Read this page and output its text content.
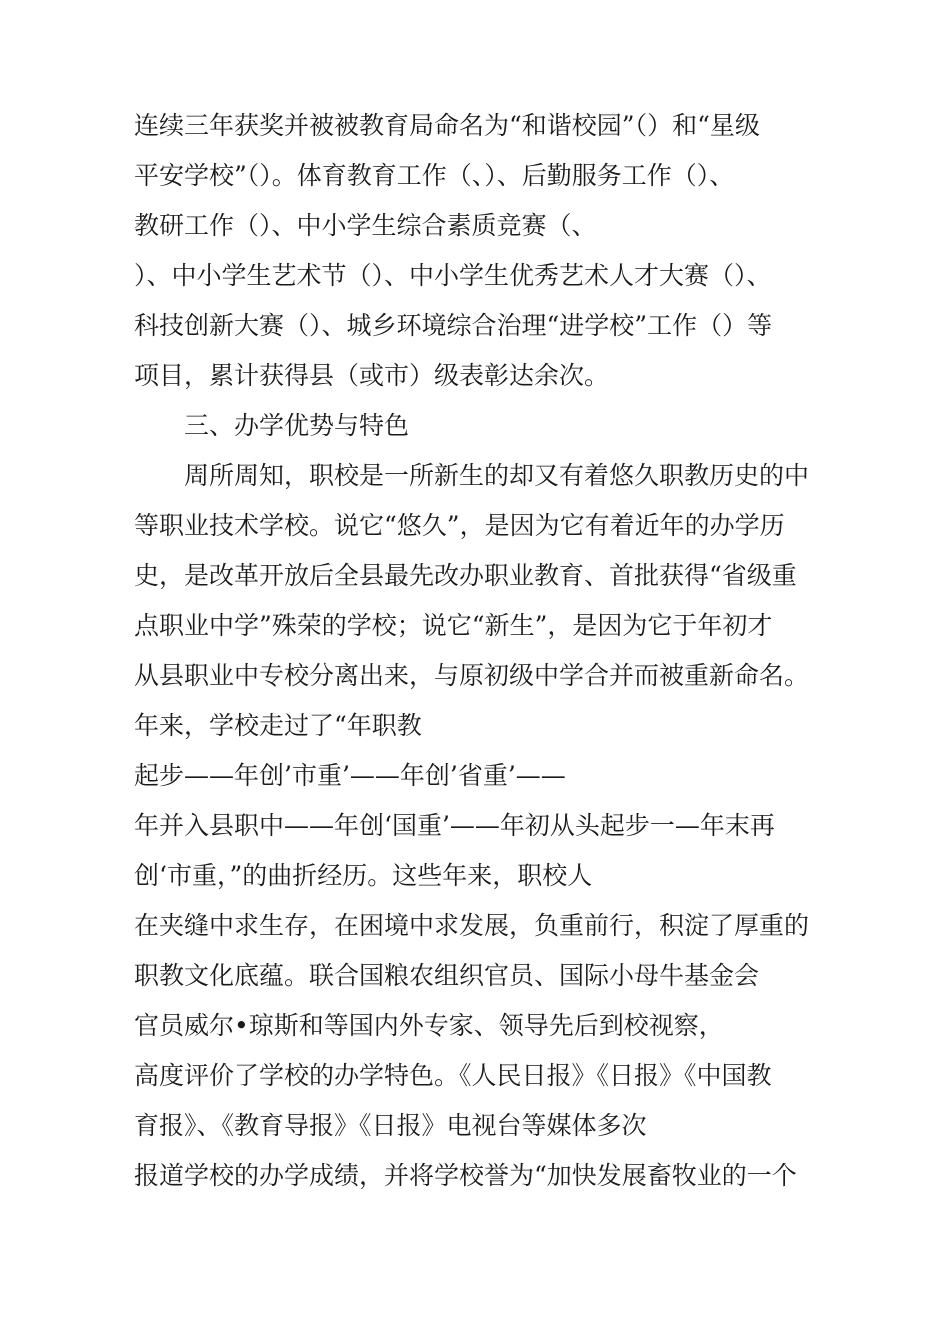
连续三年获奖并被被教育局命名为“和谐校园”（）和“星级
平安学校”（）。体育教育工作（、）、后勤服务工作（）、
教研工作（）、中小学生综合素质竞赛（、
）、中小学生艺术节（）、中小学生优秀艺术人才大赛（）、
科技创新大赛（）、城乡环境综合治理“进学校”工作（）等
项目，累计获得县（或市）级表彰达余次。
三、办学优势与特色
周所周知，职校是一所新生的却又有着悠久职教历史的中
等职业技术学校。说它“悠久”，是因为它有着近年的办学历
史，是改革开放后全县最先改办职业教育、首批获得“省级重
点职业中学”殊荣的学校；说它“新生”，是因为它于年初才
从县职业中专校分离出来，与原初级中学合并而被重新命名。
年来，学校走过了“年职教
起步——年创’市重’——年创’省重’——
年并入县职中——年创‘国重’——年初从头起步一—年末再
创‘市重，”的曲折经历。这些年来，职校人
在夹缝中求生存，在困境中求发展，负重前行，积淀了厚重的
职教文化底蕴。联合国粮农组织官员、国际小母牛基金会
官员威尔•琼斯和等国内外专家、领导先后到校视察，
高度评价了学校的办学特色。《人民日报》《日报》《中国教
育报》、《教育导报》《日报》电视台等媒体多次
报道学校的办学成绩，并将学校誉为“加快发展畜牧业的一个
